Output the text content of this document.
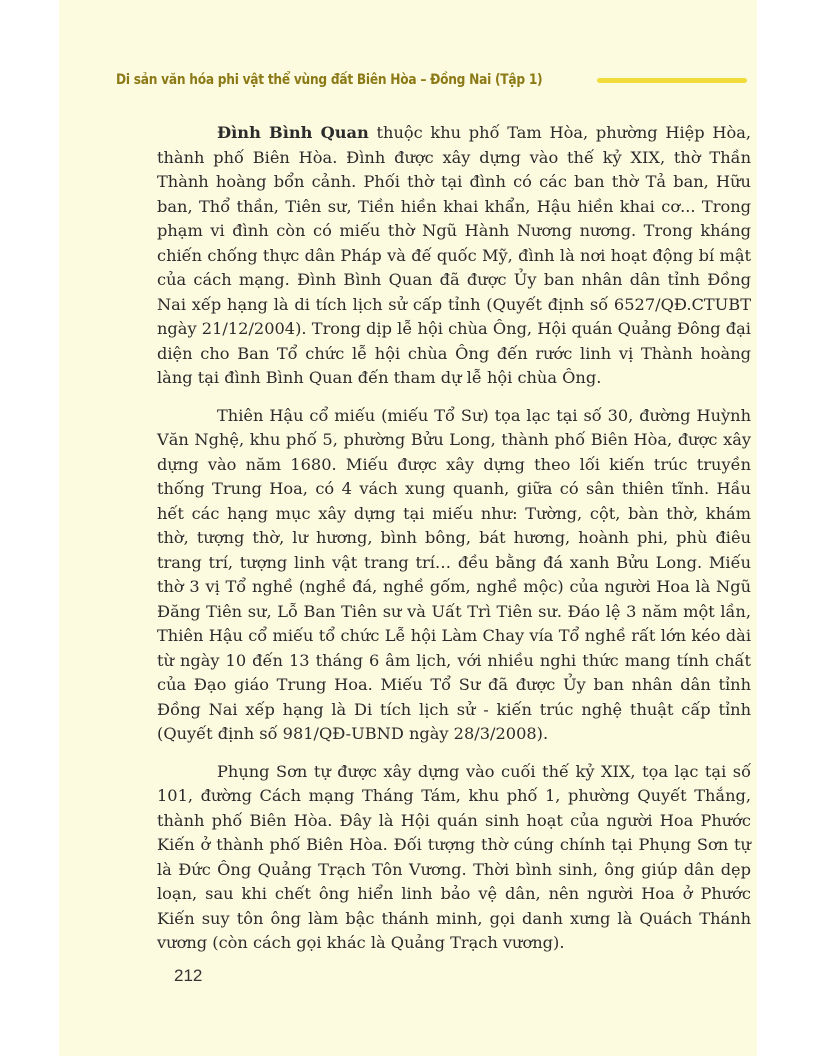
Di sản văn hóa phi vật thể vùng đất Biên Hòa – Đồng Nai (Tập 1)

Đình Bình Quan thuộc khu phố Tam Hòa, phường Hiệp Hòa, thành phố Biên Hòa. Đình được xây dựng vào thế kỷ XIX, thờ Thần Thành hoàng bổn cảnh. Phối thờ tại đình có các ban thờ Tả ban, Hữu ban, Thổ thần, Tiên sư, Tiền hiền khai khẩn, Hậu hiền khai cơ... Trong phạm vi đình còn có miếu thờ Ngũ Hành Nương nương. Trong kháng chiến chống thực dân Pháp và đế quốc Mỹ, đình là nơi hoạt động bí mật của cách mạng. Đình Bình Quan đã được Ủy ban nhân dân tỉnh Đồng Nai xếp hạng là di tích lịch sử cấp tỉnh (Quyết định số 6527/QĐ.CTUBT ngày 21/12/2004). Trong dịp lễ hội chùa Ông, Hội quán Quảng Đông đại diện cho Ban Tổ chức lễ hội chùa Ông đến rước linh vị Thành hoàng làng tại đình Bình Quan đến tham dự lễ hội chùa Ông.

Thiên Hậu cổ miếu (miếu Tổ Sư) tọa lạc tại số 30, đường Huỳnh Văn Nghệ, khu phố 5, phường Bửu Long, thành phố Biên Hòa, được xây dựng vào năm 1680. Miếu được xây dựng theo lối kiến trúc truyền thống Trung Hoa, có 4 vách xung quanh, giữa có sân thiên tĩnh. Hầu hết các hạng mục xây dựng tại miếu như: Tường, cột, bàn thờ, khám thờ, tượng thờ, lư hương, bình bông, bát hương, hoành phi, phù điêu trang trí, tượng linh vật trang trí… đều bằng đá xanh Bửu Long. Miếu thờ 3 vị Tổ nghề (nghề đá, nghề gốm, nghề mộc) của người Hoa là Ngũ Đăng Tiên sư, Lỗ Ban Tiên sư và Uất Trì Tiên sư. Đáo lệ 3 năm một lần, Thiên Hậu cổ miếu tổ chức Lễ hội Làm Chay vía Tổ nghề rất lớn kéo dài từ ngày 10 đến 13 tháng 6 âm lịch, với nhiều nghi thức mang tính chất của Đạo giáo Trung Hoa. Miếu Tổ Sư đã được Ủy ban nhân dân tỉnh Đồng Nai xếp hạng là Di tích lịch sử - kiến trúc nghệ thuật cấp tỉnh (Quyết định số 981/QĐ-UBND ngày 28/3/2008).

Phụng Sơn tự được xây dựng vào cuối thế kỷ XIX, tọa lạc tại số 101, đường Cách mạng Tháng Tám, khu phố 1, phường Quyết Thắng, thành phố Biên Hòa. Đây là Hội quán sinh hoạt của người Hoa Phước Kiến ở thành phố Biên Hòa. Đối tượng thờ cúng chính tại Phụng Sơn tự là Đức Ông Quảng Trạch Tôn Vương. Thời bình sinh, ông giúp dân dẹp loạn, sau khi chết ông hiển linh bảo vệ dân, nên người Hoa ở Phước Kiến suy tôn ông làm bậc thánh minh, gọi danh xưng là Quách Thánh vương (còn cách gọi khác là Quảng Trạch vương).

212
